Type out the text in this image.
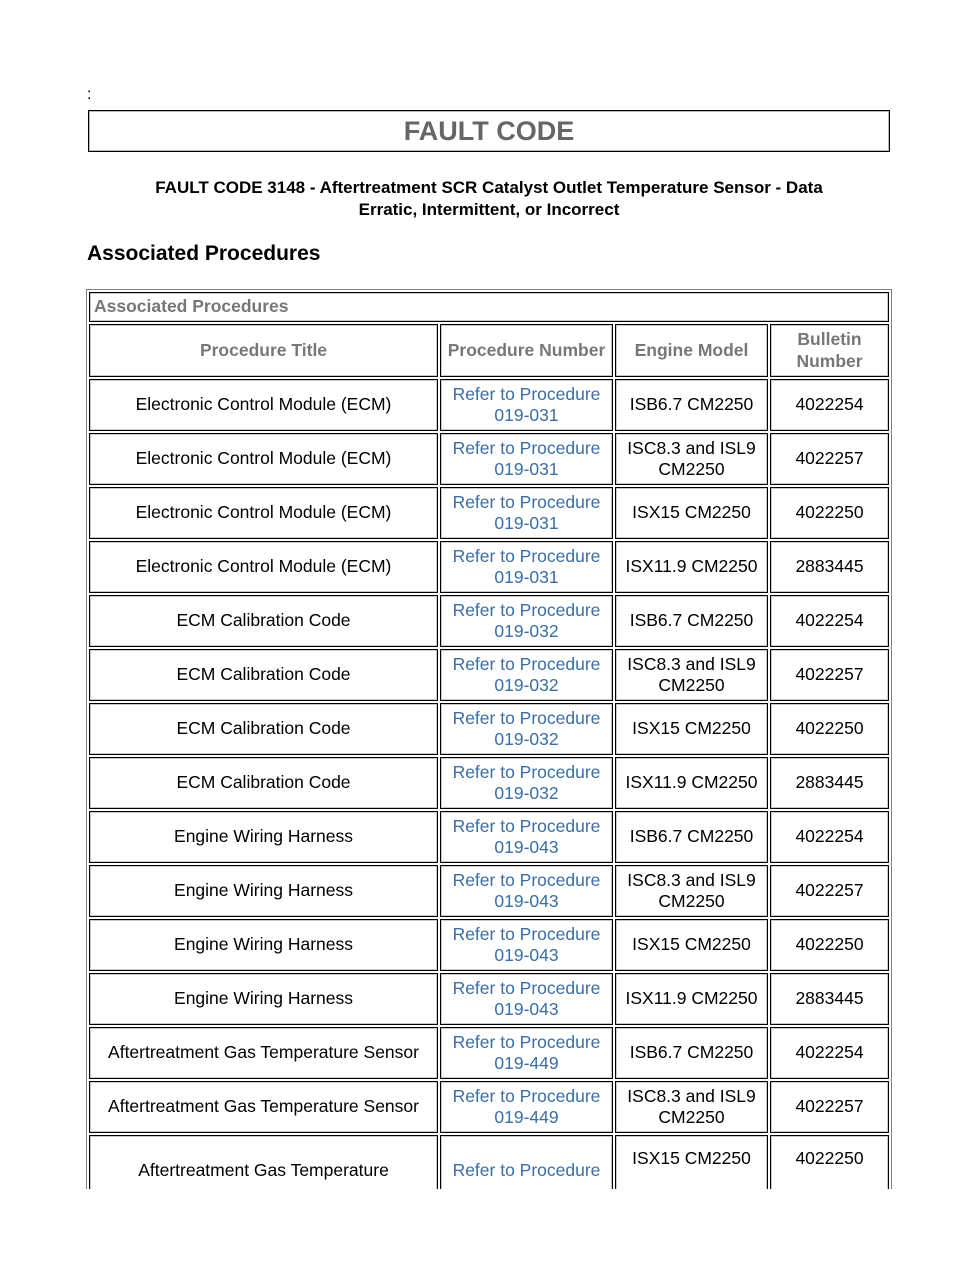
:
FAULT CODE
FAULT CODE 3148 - Aftertreatment SCR Catalyst Outlet Temperature Sensor - Data
Erratic, Intermittent, or Incorrect
Associated Procedures
Associated Procedures			
Procedure Title	Procedure Number	Engine Model	Bulletin Number
Electronic Control Module (ECM)	Refer to Procedure 019-031	ISB6.7 CM2250	4022254
Electronic Control Module (ECM)	Refer to Procedure 019-031	ISC8.3 and ISL9 CM2250	4022257
Electronic Control Module (ECM)	Refer to Procedure 019-031	ISX15 CM2250	4022250
Electronic Control Module (ECM)	Refer to Procedure 019-031	ISX11.9 CM2250	2883445
ECM Calibration Code	Refer to Procedure 019-032	ISB6.7 CM2250	4022254
ECM Calibration Code	Refer to Procedure 019-032	ISC8.3 and ISL9 CM2250	4022257
ECM Calibration Code	Refer to Procedure 019-032	ISX15 CM2250	4022250
ECM Calibration Code	Refer to Procedure 019-032	ISX11.9 CM2250	2883445
Engine Wiring Harness	Refer to Procedure 019-043	ISB6.7 CM2250	4022254
Engine Wiring Harness	Refer to Procedure 019-043	ISC8.3 and ISL9 CM2250	4022257
Engine Wiring Harness	Refer to Procedure 019-043	ISX15 CM2250	4022250
Engine Wiring Harness	Refer to Procedure 019-043	ISX11.9 CM2250	2883445
Aftertreatment Gas Temperature Sensor	Refer to Procedure 019-449	ISB6.7 CM2250	4022254
Aftertreatment Gas Temperature Sensor	Refer to Procedure 019-449	ISC8.3 and ISL9 CM2250	4022257
Aftertreatment Gas Temperature	Refer to Procedure	ISX15 CM2250	4022250
